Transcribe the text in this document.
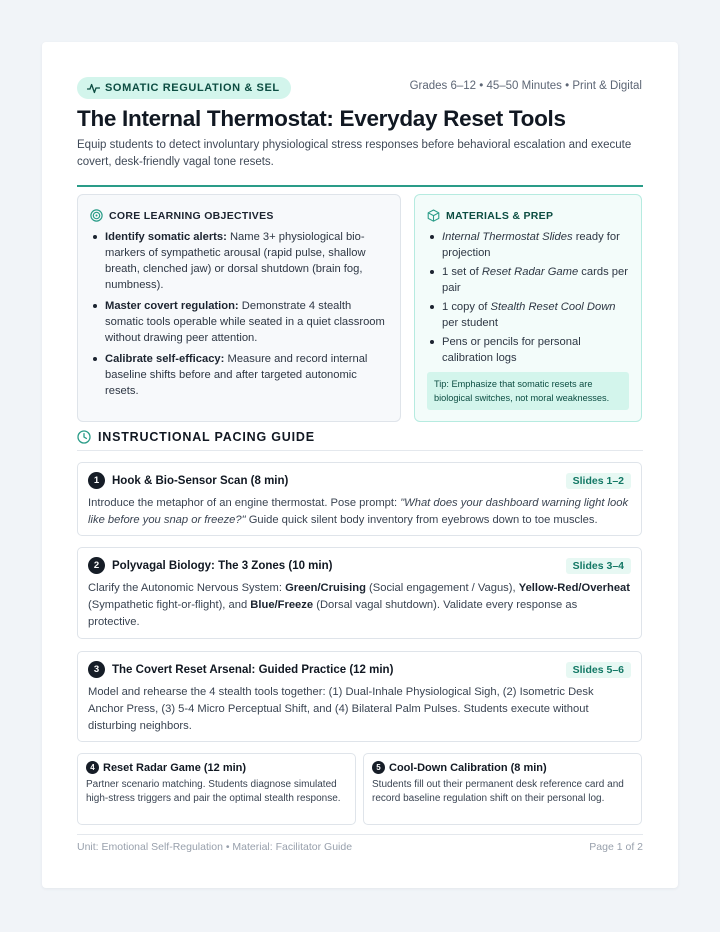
SOMATIC REGULATION & SEL	Grades 6–12 • 45–50 Minutes • Print & Digital
The Internal Thermostat: Everyday Reset Tools

Equip students to detect involuntary physiological stress responses before behavioral escalation and execute covert, desk-friendly vagal tone resets.

CORE LEARNING OBJECTIVES
Identify somatic alerts: Name 3+ physiological bio-markers of sympathetic arousal (rapid pulse, shallow breath, clenched jaw) or dorsal shutdown (brain fog, numbness).
Master covert regulation: Demonstrate 4 stealth somatic tools operable while seated in a quiet classroom without drawing peer attention.
Calibrate self-efficacy: Measure and record internal baseline shifts before and after targeted autonomic resets.
MATERIALS & PREP
Internal Thermostat Slides ready for projection
1 set of Reset Radar Game cards per pair
1 copy of Stealth Reset Cool Down per student
Pens or pencils for personal calibration logs
Tip: Emphasize that somatic resets are biological switches, not moral weaknesses.
INSTRUCTIONAL PACING GUIDE
1	Hook & Bio-Sensor Scan (8 min)	Slides 1–2

Introduce the metaphor of an engine thermostat. Pose prompt: "What does your dashboard warning light look like before you snap or freeze?" Guide quick silent body inventory from eyebrows down to toe muscles.

2	Polyvagal Biology: The 3 Zones (10 min)	Slides 3–4

Clarify the Autonomic Nervous System: Green/Cruising (Social engagement / Vagus), Yellow-Red/Overheat (Sympathetic fight-or-flight), and Blue/Freeze (Dorsal vagal shutdown). Validate every response as protective.

3	The Covert Reset Arsenal: Guided Practice (12 min)	Slides 5–6

Model and rehearse the 4 stealth tools together: (1) Dual-Inhale Physiological Sigh, (2) Isometric Desk Anchor Press, (3) 5-4 Micro Perceptual Shift, and (4) Bilateral Palm Pulses. Students execute without disturbing neighbors.

4 Reset Radar Game (12 min)

Partner scenario matching. Students diagnose simulated high-stress triggers and pair the optimal stealth response.

5 Cool-Down Calibration (8 min)

Students fill out their permanent desk reference card and record baseline regulation shift on their personal log.

Unit: Emotional Self-Regulation • Material: Facilitator Guide	Page 1 of 2
